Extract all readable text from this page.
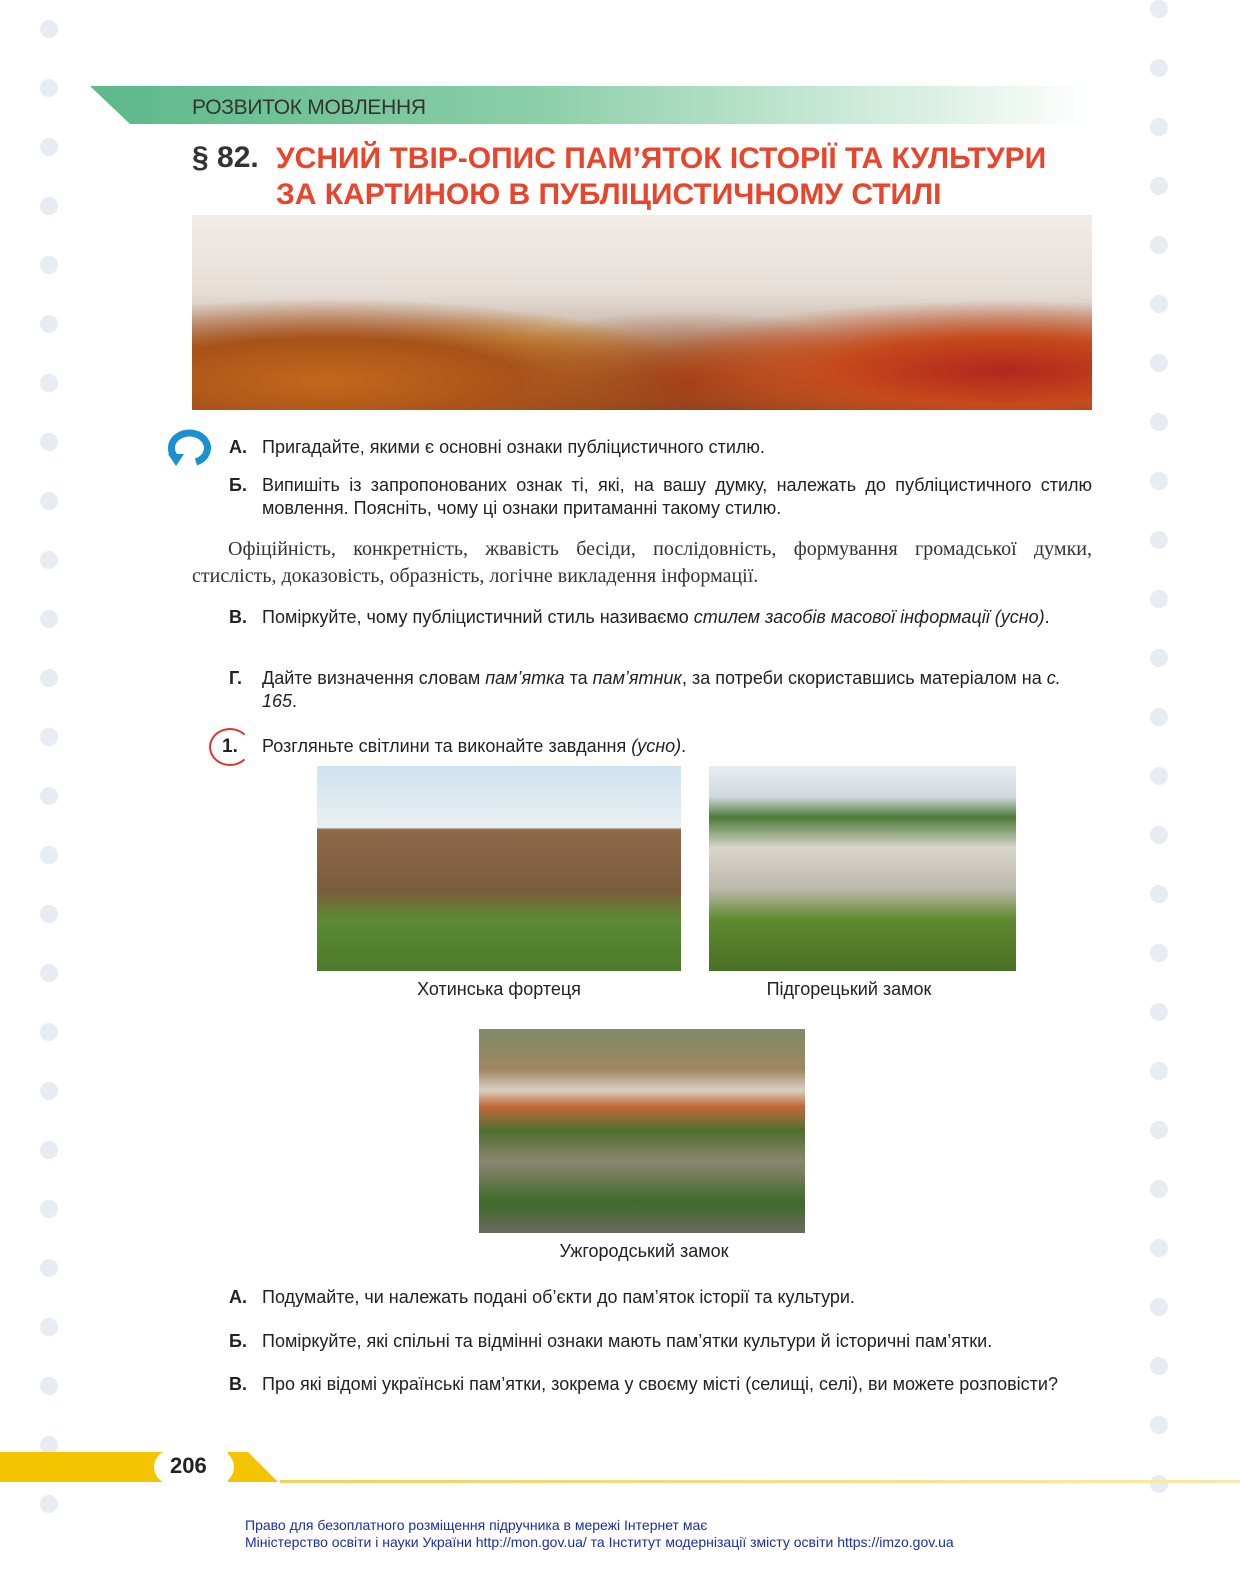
РОЗВИТОК МОВЛЕННЯ
§ 82. УСНИЙ ТВІР-ОПИС ПАМ’ЯТОК ІСТОРІЇ ТА КУЛЬТУРИ
ЗА КАРТИНОЮ В ПУБЛІЦИСТИЧНОМУ СТИЛІ
А. Пригадайте, якими є основні ознаки публіцистичного стилю.
Б. Випишіть із запропонованих ознак ті, які, на вашу думку, належать до публіцистичного стилю мовлення. Поясніть, чому ці ознаки притаманні такому стилю.
Офіційність, конкретність, жвавість бесіди, послідовність, формування громадської думки, стислість, доказовість, образність, логічне викладення інформації.
В. Поміркуйте, чому публіцистичний стиль називаємо стилем засобів масової інформації (усно).
Г. Дайте визначення словам пам’ятка та пам’ятник, за потреби скориставшись матеріалом на с. 165.
1.	Розгляньте світлини та виконайте завдання (усно).
Хотинська фортеця	Підгорецький замок
Ужгородський замок
А. Подумайте, чи належать подані об’єкти до пам’яток історії та культури.
Б. Поміркуйте, які спільні та відмінні ознаки мають пам’ятки культури й історичні пам’ятки.
В. Про які відомі українські пам’ятки, зокрема у своєму місті (селищі, селі), ви можете розповісти?
206
Право для безоплатного розміщення підручника в мережі Інтернет має
Міністерство освіти і науки України http://mon.gov.ua/ та Інститут модернізації змісту освіти https://imzo.gov.ua
